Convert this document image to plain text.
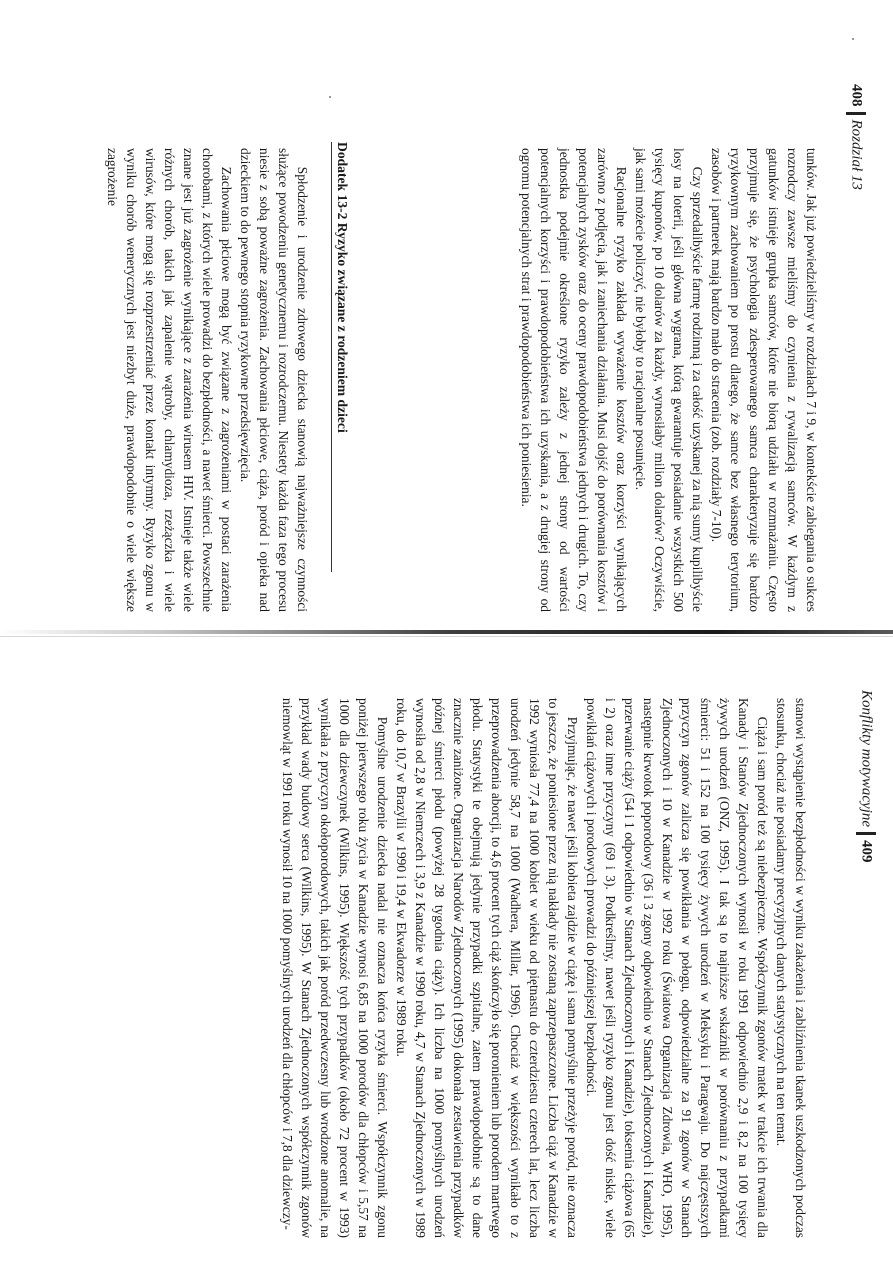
408Rozdział 13

tunków. Jak już powiedzieliśmy w rozdziałach 7 i 9, w kontekście zabiegania o sukces rozrodczy zawsze mieliśmy do czynienia z rywalizacją samców. W każdym z gatunków istnieje grupka samców, które nie biorą udziału w rozmnażaniu. Często przyjmuje się, że psychologia zdesperowanego samca charakteryzuje się bardzo ryzykownym zachowaniem po prostu dlatego, że samce bez własnego terytorium, zasobów i partnerek mają bardzo mało do stracenia (zob. rozdziały 7-10).

Czy sprzedalibyście farmę rodzinną i za całość uzyskanej za nią sumy kupilibyście losy na loterii, jeśli główna wygrana, którą gwarantuje posiadanie wszystkich 500 tysięcy kuponów, po 10 dolarów za każdy, wynosiłaby milion dolarów? Oczywiście, jak sami możecie policzyć, nie byłoby to racjonalne posunięcie.

Racjonalne ryzyko zakłada wyważenie kosztów oraz korzyści wynikających zarówno z podjęcia, jak i zaniechania działania. Musi dojść do porównania kosztów i potencjalnych zysków oraz do oceny prawdopodobieństwa jednych i drugich. To, czy jednostka podejmie określone ryzyko zależy z jednej strony od wartości potencjalnych korzyści i prawdopodobieństwa ich uzyskania, a z drugiej strony od ogromu potencjalnych strat i prawdopodobieństwa ich poniesienia.

Dodatek 13-2 Ryzyko związane z rodzeniem dzieci

Spłodzenie i urodzenie zdrowego dziecka stanowią najważniejsze czynności służące powodzeniu genetycznemu i rozrodczemu. Niestety każda faza tego procesu niesie z sobą poważne zagrożenia. Zachowania płciowe, ciąża, poród i opieka nad dzieckiem to do pewnego stopnia ryzykowne przedsięwzięcia.

Zachowania płciowe mogą być związane z zagrożeniami w postaci zarażenia chorobami, z których wiele prowadzi do bezpłodności, a nawet śmierci. Powszechnie znane jest już zagrożenie wynikające z zarażenia wirusem HIV. Istnieje także wiele różnych chorób, takich jak zapalenie wątroby, chlamydioza, rzeżączka i wiele wirusów, które mogą się rozprzestrzeniać przez kontakt intymny. Ryzyko zgonu w wyniku chorób wenerycznych jest niezbyt duże, prawdopodobnie o wiele większe zagrożenie

Konflikty motywacyjne409

stanowi wystąpienie bezpłodności w wyniku zakażenia i zabliźnienia tkanek uszkodzonych podczas stosunku, chociaż nie posiadamy precyzyjnych danych statystycznych na ten temat.

Ciąża i sam poród też są niebezpieczne. Współczynnik zgonów matek w trakcie ich trwania dla Kanady i Stanów Zjednoczonych wynosił w roku 1991 odpowiednio 2,9 i 8,2 na 100 tysięcy żywych urodzeń (ONZ, 1995). I tak są to najniższe wskaźniki w porównaniu z przypadkami śmierci: 51 i 152 na 100 tysięcy żywych urodzeń w Meksyku i Paragwaju. Do najczęstszych przyczyn zgonów zalicza się powikłania w połogu, odpowiedzialne za 91 zgonów w Stanach Zjednoczonych i 10 w Kanadzie w 1992 roku (Światowa Organizacja Zdrowia, WHO, 1995), następnie krwotok poporodowy (36 i 3 zgony odpowiednio w Stanach Zjednoczonych i Kanadzie), przerwanie ciąży (54 i 1 odpowiednio w Stanach Zjednoczonych i Kanadzie), toksemia ciążowa (65 i 2) oraz inne przyczyny (69 i 3). Podkreślmy, nawet jeśli ryzyko zgonu jest dość niskie, wiele powikłań ciążowych i porodowych prowadzi do późniejszej bezpłodności.

Przyjmując, że nawet jeśli kobieta zajdzie w ciążę i sama pomyślnie przeżyje poród, nie oznacza to jeszcze, że poniesione przez nią nakłady nie zostaną zaprzepaszczone. Liczba ciąż w Kanadzie w 1992 wyniosła 77,4 na 1000 kobiet w wieku od piętnastu do czterdziestu czterech lat, lecz liczba urodzeń jedynie 58,7 na 1000 (Wadhera, Millar, 1996). Chociaż w większości wynikało to z przeprowadzenia aborcji, to 4,6 procent tych ciąż skończyło się poronieniem lub porodem martwego płodu. Statystyki te obejmują jedynie przypadki szpitalne, zatem prawdopodobnie są to dane znacznie zaniżone. Organizacja Narodów Zjednoczonych (1995) dokonała zestawienia przypadków późnej śmierci płodu (powyżej 28 tygodnia ciąży). Ich liczba na 1000 pomyślnych urodzeń wynosiła od 2,8 w Niemczech i 3,9 z Kanadzie w 1990 roku, 4,7 w Stanach Zjednoczonych w 1989 roku, do 10,7 w Brazylii w 1990 i 19,4 w Ekwadorze w 1989 roku.

Pomyślne urodzenie dziecka nadal nie oznacza końca ryzyka śmierci. Współczynnik zgonu poniżej pierwszego roku życia w Kanadzie wynosi 6,85 na 1000 porodów dla chłopców i 5,57 na 1000 dla dziewczynek (Wilkins, 1995). Większość tych przypadków (około 72 procent w 1993) wynikała z przyczyn okołoporodowych, takich jak poród przedwczesny lub wrodzone anomalie, na przykład wady budowy serca (Wilkins, 1995). W Stanach Zjednoczonych współczynnik zgonów niemowląt w 1991 roku wynosił 10 na 1000 pomyślnych urodzeń dla chłopców i 7,8 dla dziewczy-
